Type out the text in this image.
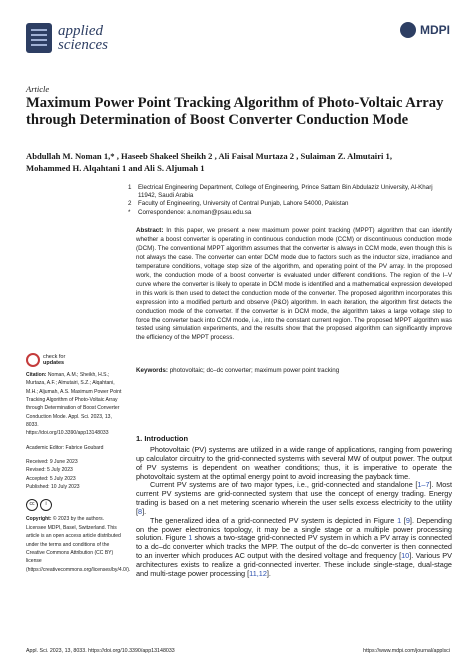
applied
sciences
MDPI
Article
Maximum Power Point Tracking Algorithm of Photo-Voltaic Array through Determination of Boost Converter Conduction Mode
Abdullah M. Noman 1,* , Haseeb Shakeel Sheikh 2 , Ali Faisal Murtaza 2 , Sulaiman Z. Almutairi 1,
Mohammed H. Alqahtani 1 and Ali S. Aljumah 1
1	Electrical Engineering Department, College of Engineering, Prince Sattam Bin Abdulaziz University, Al-Kharj 11942, Saudi Arabia
2	Faculty of Engineering, University of Central Punjab, Lahore 54000, Pakistan
*	Correspondence: a.noman@psau.edu.sa
Abstract: In this paper, we present a new maximum power point tracking (MPPT) algorithm that can identify whether a boost converter is operating in continuous conduction mode (CCM) or discontinuous conduction mode (DCM). The conventional MPPT algorithm assumes that the converter is always in CCM mode, even though this is not always the case. The converter can enter DCM mode due to factors such as the inductor size, irradiance and temperature conditions, voltage step size of the algorithm, and operating point of the PV array. In the proposed work, the conduction mode of a boost converter is evaluated under different conditions. The region of the I–V curve where the converter is likely to operate in DCM mode is identified and a mathematical expression developed in this work is then used to detect the conduction mode of the converter. The proposed algorithm incorporates this expression into a modified perturb and observe (P&O) algorithm. In each iteration, the algorithm first detects the conduction mode of the converter. If the converter is in DCM mode, the algorithm takes a large voltage step to force the converter back into CCM mode, i.e., into the constant current region. The proposed MPPT algorithm was tested using simulation experiments, and the results show that the proposed algorithm can significantly improve the efficiency of the MPPT process.
Keywords: photovoltaic; dc–dc converter; maximum power point tracking
check for
updates
Citation: Noman, A.M.; Sheikh, H.S.; Murtaza, A.F.; Almutairi, S.Z.; Alqahtani, M.H.; Aljumah, A.S. Maximum Power Point Tracking Algorithm of Photo-Voltaic Array through Determination of Boost Converter Conduction Mode. Appl. Sci. 2023, 13, 8033. https://doi.org/10.3390/app13148033
Academic Editor: Fabrice Goubard
Received: 9 June 2023
Revised: 5 July 2023
Accepted: 5 July 2023
Published: 10 July 2023
cc	i
Copyright: © 2023 by the authors. Licensee MDPI, Basel, Switzerland. This article is an open access article distributed under the terms and conditions of the Creative Commons Attribution (CC BY) license (https://creativecommons.org/licenses/by/4.0/).
1. Introduction

Photovoltaic (PV) systems are utilized in a wide range of applications, ranging from powering up calculator circuitry to the grid-connected systems with several MW of output power. The output of PV systems is dependent on weather conditions; thus, it is imperative to operate the photovoltaic system at the optimal energy point to avoid increasing the payback time.

Current PV systems are of two major types, i.e., grid-connected and standalone [1–7]. Most current PV systems are grid-connected system that use the concept of energy trading. Energy trading is based on a net metering scenario wherein the user sells excess electricity to the utility [8].

The generalized idea of a grid-connected PV system is depicted in Figure 1 [9]. Depending on the power electronics topology, it may be a single stage or a multiple power processing solution. Figure 1 shows a two-stage grid-connected PV system in which a PV array is connected to a dc–dc converter which tracks the MPP. The output of the dc–dc converter is then connected to an inverter which produces AC output with the desired voltage and frequency [10]. Various PV architectures exists to realize a grid-connected inverter. These include single-stage, dual-stage and multi-stage power processing [11,12].

Appl. Sci. 2023, 13, 8033. https://doi.org/10.3390/app13148033	https://www.mdpi.com/journal/applsci
